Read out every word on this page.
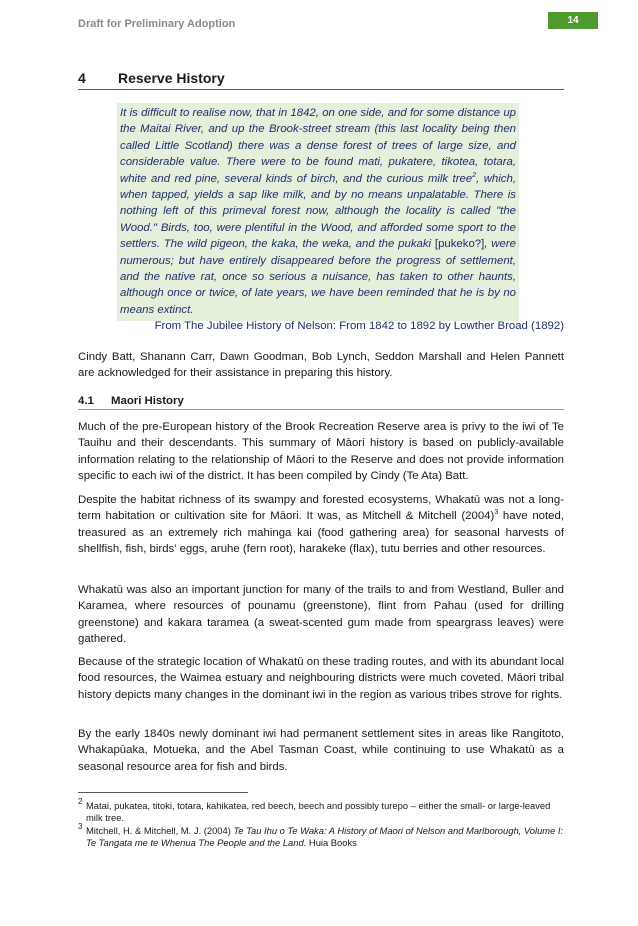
Draft for Preliminary Adoption	14
4	Reserve History
It is difficult to realise now, that in 1842, on one side, and for some distance up the Maitai River, and up the Brook-street stream (this last locality being then called Little Scotland) there was a dense forest of trees of large size, and considerable value. There were to be found mati, pukatere, tikotea, totara, white and red pine, several kinds of birch, and the curious milk tree$^2$, which, when tapped, yields a sap like milk, and by no means unpalatable. There is nothing left of this primeval forest now, although the locality is called "the Wood." Birds, too, were plentiful in the Wood, and afforded some sport to the settlers. The wild pigeon, the kaka, the weka, and the pukaki [pukeko?], were numerous; but have entirely disappeared before the progress of settlement, and the native rat, once so serious a nuisance, has taken to other haunts, although once or twice, of late years, we have been reminded that he is by no means extinct.
From The Jubilee History of Nelson: From 1842 to 1892 by Lowther Broad (1892)
Cindy Batt, Shanann Carr, Dawn Goodman, Bob Lynch, Seddon Marshall and Helen Pannett are acknowledged for their assistance in preparing this history.
4.1	Maori History
Much of the pre-European history of the Brook Recreation Reserve area is privy to the iwi of Te Tauihu and their descendants. This summary of Māori history is based on publicly-available information relating to the relationship of Māori to the Reserve and does not provide information specific to each iwi of the district. It has been compiled by Cindy (Te Ata) Batt.
Despite the habitat richness of its swampy and forested ecosystems, Whakatū was not a long-term habitation or cultivation site for Māori. It was, as Mitchell & Mitchell $(2004)^3$ have noted, treasured as an extremely rich mahinga kai (food gathering area) for seasonal harvests of shellfish, fish, birds' eggs, aruhe (fern root), harakeke (flax), tutu berries and other resources.
Whakatū was also an important junction for many of the trails to and from Westland, Buller and Karamea, where resources of pounamu (greenstone), flint from Pahau (used for drilling greenstone) and kakara taramea (a sweat-scented gum made from speargrass leaves) were gathered.
Because of the strategic location of Whakatū on these trading routes, and with its abundant local food resources, the Waimea estuary and neighbouring districts were much coveted. Māori tribal history depicts many changes in the dominant iwi in the region as various tribes strove for rights.
By the early 1840s newly dominant iwi had permanent settlement sites in areas like Rangitoto, Whakapūaka, Motueka, and the Abel Tasman Coast, while continuing to use Whakatū as a seasonal resource area for fish and birds.
2 Matai, pukatea, titoki, totara, kahikatea, red beech, beech and possibly turepo – either the small- or large-leaved milk tree.
3 Mitchell, H. & Mitchell, M. J. (2004) Te Tau Ihu o Te Waka: A History of Maori of Nelson and Marlborough, Volume I: Te Tangata me te Whenua The People and the Land. Huia Books
